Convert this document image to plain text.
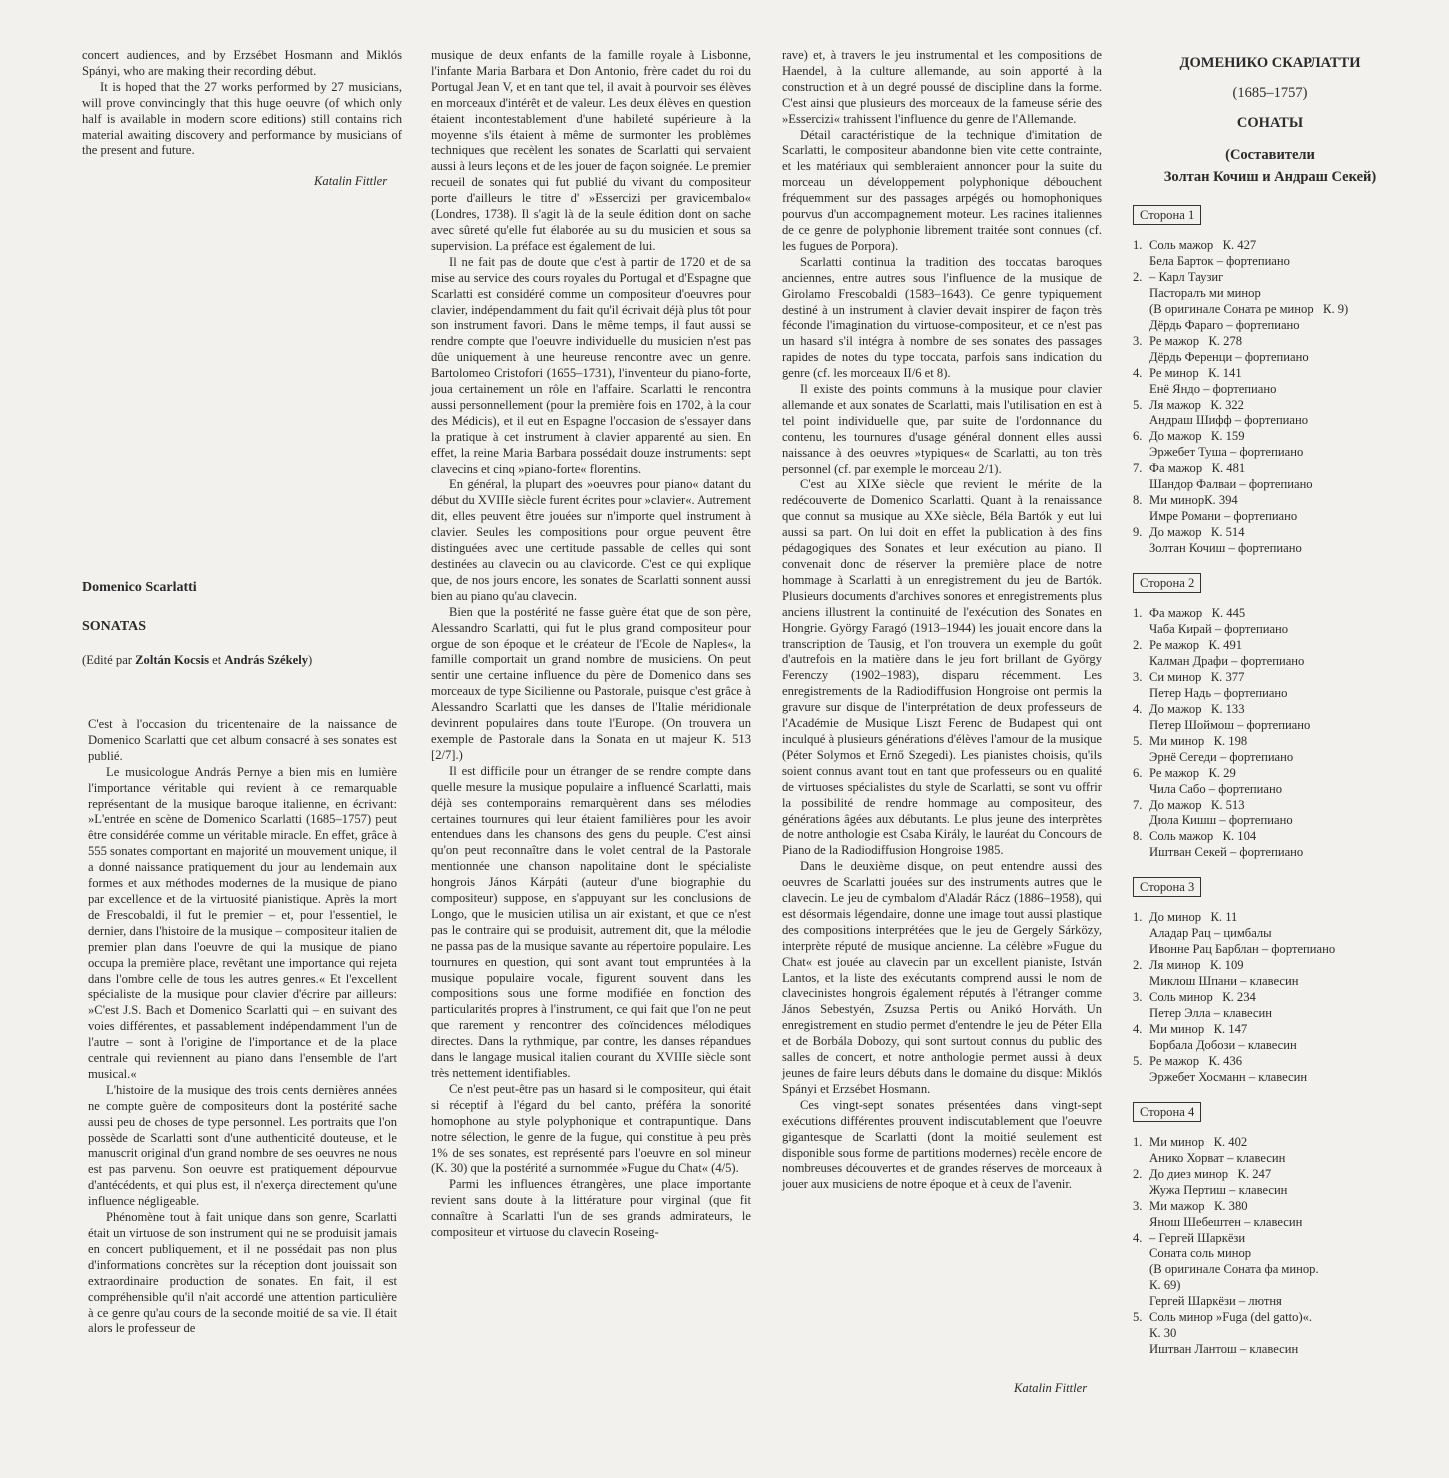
concert audiences, and by Erzsébet Hosmann and Miklós Spányi, who are making their recording début.

It is hoped that the 27 works performed by 27 musicians, will prove convincingly that this huge oeuvre (of which only half is available in modern score editions) still contains rich material awaiting discovery and performance by musicians of the present and future.

Katalin Fittler
Domenico Scarlatti
SONATAS
(Edité par Zoltán Kocsis et András Székely)

C'est à l'occasion du tricentenaire de la naissance de Domenico Scarlatti que cet album consacré à ses sonates est publié.

Le musicologue András Pernye a bien mis en lumière l'importance véritable qui revient à ce remarquable représentant de la musique baroque italienne, en écrivant: »L'entrée en scène de Domenico Scarlatti (1685–1757) peut être considérée comme un véritable miracle. En effet, grâce à 555 sonates comportant en majorité un mouvement unique, il a donné naissance pratiquement du jour au lendemain aux formes et aux méthodes modernes de la musique de piano par excellence et de la virtuosité pianistique. Après la mort de Frescobaldi, il fut le premier – et, pour l'essentiel, le dernier, dans l'histoire de la musique – compositeur italien de premier plan dans l'oeuvre de qui la musique de piano occupa la première place, revêtant une importance qui rejeta dans l'ombre celle de tous les autres genres.« Et l'excellent spécialiste de la musique pour clavier d'écrire par ailleurs: »C'est J.S. Bach et Domenico Scarlatti qui – en suivant des voies différentes, et passablement indépendamment l'un de l'autre – sont à l'origine de l'importance et de la place centrale qui reviennent au piano dans l'ensemble de l'art musical.«

L'histoire de la musique des trois cents dernières années ne compte guère de compositeurs dont la postérité sache aussi peu de choses de type personnel. Les portraits que l'on possède de Scarlatti sont d'une authenticité douteuse, et le manuscrit original d'un grand nombre de ses oeuvres ne nous est pas parvenu. Son oeuvre est pratiquement dépourvue d'antécédents, et qui plus est, il n'exerça directement qu'une influence négligeable.

Phénomène tout à fait unique dans son genre, Scarlatti était un virtuose de son instrument qui ne se produisit jamais en concert publiquement, et il ne possédait pas non plus d'informations concrètes sur la réception dont jouissait son extraordinaire production de sonates. En fait, il est compréhensible qu'il n'ait accordé une attention particulière à ce genre qu'au cours de la seconde moitié de sa vie. Il était alors le professeur de

musique de deux enfants de la famille royale à Lisbonne, l'infante Maria Barbara et Don Antonio, frère cadet du roi du Portugal Jean V, et en tant que tel, il avait à pourvoir ses élèves en morceaux d'intérêt et de valeur. Les deux élèves en question étaient incontestablement d'une habileté supérieure à la moyenne s'ils étaient à même de surmonter les problèmes techniques que recèlent les sonates de Scarlatti qui servaient aussi à leurs leçons et de les jouer de façon soignée. Le premier recueil de sonates qui fut publié du vivant du compositeur porte d'ailleurs le titre d' »Essercizi per gravicembalo« (Londres, 1738). Il s'agit là de la seule édition dont on sache avec sûreté qu'elle fut élaborée au su du musicien et sous sa supervision. La préface est également de lui.

Il ne fait pas de doute que c'est à partir de 1720 et de sa mise au service des cours royales du Portugal et d'Espagne que Scarlatti est considéré comme un compositeur d'oeuvres pour clavier, indépendamment du fait qu'il écrivait déjà plus tôt pour son instrument favori. Dans le même temps, il faut aussi se rendre compte que l'oeuvre individuelle du musicien n'est pas dûe uniquement à une heureuse rencontre avec un genre. Bartolomeo Cristofori (1655–1731), l'inventeur du piano-forte, joua certainement un rôle en l'affaire. Scarlatti le rencontra aussi personnellement (pour la première fois en 1702, à la cour des Médicis), et il eut en Espagne l'occasion de s'essayer dans la pratique à cet instrument à clavier apparenté au sien. En effet, la reine Maria Barbara possédait douze instruments: sept clavecins et cinq »piano-forte« florentins.

En général, la plupart des »oeuvres pour piano« datant du début du XVIIIe siècle furent écrites pour »clavier«. Autrement dit, elles peuvent être jouées sur n'importe quel instrument à clavier. Seules les compositions pour orgue peuvent être distinguées avec une certitude passable de celles qui sont destinées au clavecin ou au clavicorde. C'est ce qui explique que, de nos jours encore, les sonates de Scarlatti sonnent aussi bien au piano qu'au clavecin.

Bien que la postérité ne fasse guère état que de son père, Alessandro Scarlatti, qui fut le plus grand compositeur pour orgue de son époque et le créateur de l'Ecole de Naples«, la famille comportait un grand nombre de musiciens. On peut sentir une certaine influence du père de Domenico dans ses morceaux de type Sicilienne ou Pastorale, puisque c'est grâce à Alessandro Scarlatti que les danses de l'Italie méridionale devinrent populaires dans toute l'Europe. (On trouvera un exemple de Pastorale dans la Sonata en ut majeur K. 513 [2/7].)

Il est difficile pour un étranger de se rendre compte dans quelle mesure la musique populaire a influencé Scarlatti, mais déjà ses contemporains remarquèrent dans ses mélodies certaines tournures qui leur étaient familières pour les avoir entendues dans les chansons des gens du peuple. C'est ainsi qu'on peut reconnaître dans le volet central de la Pastorale mentionnée une chanson napolitaine dont le spécialiste hongrois János Kárpáti (auteur d'une biographie du compositeur) suppose, en s'appuyant sur les conclusions de Longo, que le musicien utilisa un air existant, et que ce n'est pas le contraire qui se produisit, autrement dit, que la mélodie ne passa pas de la musique savante au répertoire populaire. Les tournures en question, qui sont avant tout empruntées à la musique populaire vocale, figurent souvent dans les compositions sous une forme modifiée en fonction des particularités propres à l'instrument, ce qui fait que l'on ne peut que rarement y rencontrer des coïncidences mélodiques directes. Dans la rythmique, par contre, les danses répandues dans le langage musical italien courant du XVIIIe siècle sont très nettement identifiables.

Ce n'est peut-être pas un hasard si le compositeur, qui était si réceptif à l'égard du bel canto, préféra la sonorité homophone au style polyphonique et contrapuntique. Dans notre sélection, le genre de la fugue, qui constitue à peu près 1% de ses sonates, est représenté pars l'oeuvre en sol mineur (K. 30) que la postérité a surnommée »Fugue du Chat« (4/5).

Parmi les influences étrangères, une place importante revient sans doute à la littérature pour virginal (que fit connaître à Scarlatti l'un de ses grands admirateurs, le compositeur et virtuose du clavecin Roseing-

rave) et, à travers le jeu instrumental et les compositions de Haendel, à la culture allemande, au soin apporté à la construction et à un degré poussé de discipline dans la forme. C'est ainsi que plusieurs des morceaux de la fameuse série des »Essercizi« trahissent l'influence du genre de l'Allemande.

Détail caractéristique de la technique d'imitation de Scarlatti, le compositeur abandonne bien vite cette contrainte, et les matériaux qui sembleraient annoncer pour la suite du morceau un développement polyphonique débouchent fréquemment sur des passages arpégés ou homophoniques pourvus d'un accompagnement moteur. Les racines italiennes de ce genre de polyphonie librement traitée sont connues (cf. les fugues de Porpora).

Scarlatti continua la tradition des toccatas baroques anciennes, entre autres sous l'influence de la musique de Girolamo Frescobaldi (1583–1643). Ce genre typiquement destiné à un instrument à clavier devait inspirer de façon très féconde l'imagination du virtuose-compositeur, et ce n'est pas un hasard s'il intégra à nombre de ses sonates des passages rapides de notes du type toccata, parfois sans indication du genre (cf. les morceaux II/6 et 8).

Il existe des points communs à la musique pour clavier allemande et aux sonates de Scarlatti, mais l'utilisation en est à tel point individuelle que, par suite de l'ordonnance du contenu, les tournures d'usage général donnent elles aussi naissance à des oeuvres »typiques« de Scarlatti, au ton très personnel (cf. par exemple le morceau 2/1).

C'est au XIXe siècle que revient le mérite de la redécouverte de Domenico Scarlatti. Quant à la renaissance que connut sa musique au XXe siècle, Béla Bartók y eut lui aussi sa part. On lui doit en effet la publication à des fins pédagogiques des Sonates et leur exécution au piano. Il convenait donc de réserver la première place de notre hommage à Scarlatti à un enregistrement du jeu de Bartók. Plusieurs documents d'archives sonores et enregistrements plus anciens illustrent la continuité de l'exécution des Sonates en Hongrie. György Faragó (1913–1944) les jouait encore dans la transcription de Tausig, et l'on trouvera un exemple du goût d'autrefois en la matière dans le jeu fort brillant de György Ferenczy (1902–1983), disparu récemment. Les enregistrements de la Radiodiffusion Hongroise ont permis la gravure sur disque de l'interprétation de deux professeurs de l'Académie de Musique Liszt Ferenc de Budapest qui ont inculqué à plusieurs générations d'élèves l'amour de la musique (Péter Solymos et Ernő Szegedi). Les pianistes choisis, qu'ils soient connus avant tout en tant que professeurs ou en qualité de virtuoses spécialistes du style de Scarlatti, se sont vu offrir la possibilité de rendre hommage au compositeur, des générations âgées aux débutants. Le plus jeune des interprètes de notre anthologie est Csaba Király, le lauréat du Concours de Piano de la Radiodiffusion Hongroise 1985.

Dans le deuxième disque, on peut entendre aussi des oeuvres de Scarlatti jouées sur des instruments autres que le clavecin. Le jeu de cymbalom d'Aladár Rácz (1886–1958), qui est désormais légendaire, donne une image tout aussi plastique des compositions interprétées que le jeu de Gergely Sárközy, interprète réputé de musique ancienne. La célèbre »Fugue du Chat« est jouée au clavecin par un excellent pianiste, István Lantos, et la liste des exécutants comprend aussi le nom de clavecinistes hongrois également réputés à l'étranger comme János Sebestyén, Zsuzsa Pertis ou Anikó Horváth. Un enregistrement en studio permet d'entendre le jeu de Péter Ella et de Borbála Dobozy, qui sont surtout connus du public des salles de concert, et notre anthologie permet aussi à deux jeunes de faire leurs débuts dans le domaine du disque: Miklós Spányi et Erzsébet Hosmann.

Ces vingt-sept sonates présentées dans vingt-sept exécutions différentes prouvent indiscutablement que l'oeuvre gigantesque de Scarlatti (dont la moitié seulement est disponible sous forme de partitions modernes) recèle encore de nombreuses découvertes et de grandes réserves de morceaux à jouer aux musiciens de notre époque et à ceux de l'avenir.

Katalin Fittler
ДОМЕНИКО СКАРЛАТТИ
(1685–1757)
СОНАТЫ
(Составители
Золтан Кочиш и Андраш Секей)
Сторона 1
1. Соль мажор   К. 427
Бела Барток – фортепиано
2. – Карл Таузиг
Пасторалъ ми минор
(В оригинале Соната ре минор   К. 9)
Дёрдь Фараго – фортепиано
3. Ре мажор   К. 278
Дёрдь Ференци – фортепиано
4. Ре минор   К. 141
Енё Яндо – фортепиано
5. Ля мажор   К. 322
Андраш Шифф – фортепиано
6. До мажор   К. 159
Эржебет Туша – фортепиано
7. Фа мажор   К. 481
Шандор Фалваи – фортепиано
8. Ми минорК. 394
Имре Романи – фортепиано
9. До мажор   К. 514
Золтан Кочиш – фортепиано
Сторона 2
1. Фа мажор   К. 445
Чаба Кирай – фортепиано
2. Ре мажор   К. 491
Калман Драфи – фортепиано
3. Си минор   К. 377
Петер Надь – фортепиано
4. До мажор   К. 133
Петер Шоймош – фортепиано
5. Ми минор   К. 198
Эрнё Сегеди – фортепиано
6. Ре мажор   К. 29
Чила Сабо – фортепиано
7. До мажор   К. 513
Дюла Кишш – фортепиано
8. Соль мажор   К. 104
Иштван Секей – фортепиано
Сторона 3
1. До минор   К. 11
Аладар Рац – цимбалы
Ивонне Рац Барблан – фортепиано
2. Ля минор   К. 109
Миклош Шпани – клавесин
3. Соль минор   К. 234
Петер Элла – клавесин
4. Ми минор   К. 147
Борбала Добози – клавесин
5. Ре мажор   К. 436
Эржебет Хосманн – клавесин
Сторона 4
1. Ми минор   К. 402
Анико Хорват – клавесин
2. До диез минор   К. 247
Жужа Пертиш – клавесин
3. Ми мажор   К. 380
Янош Шебештен – клавесин
4. – Гергей Шаркёзи
Соната соль минор
(В оригинале Соната фа минор.
К. 69)
Гергей Шаркёзи – лютня
5. Соль минор »Fuga (del gatto)«.
К. 30
Иштван Лантош – клавесин
